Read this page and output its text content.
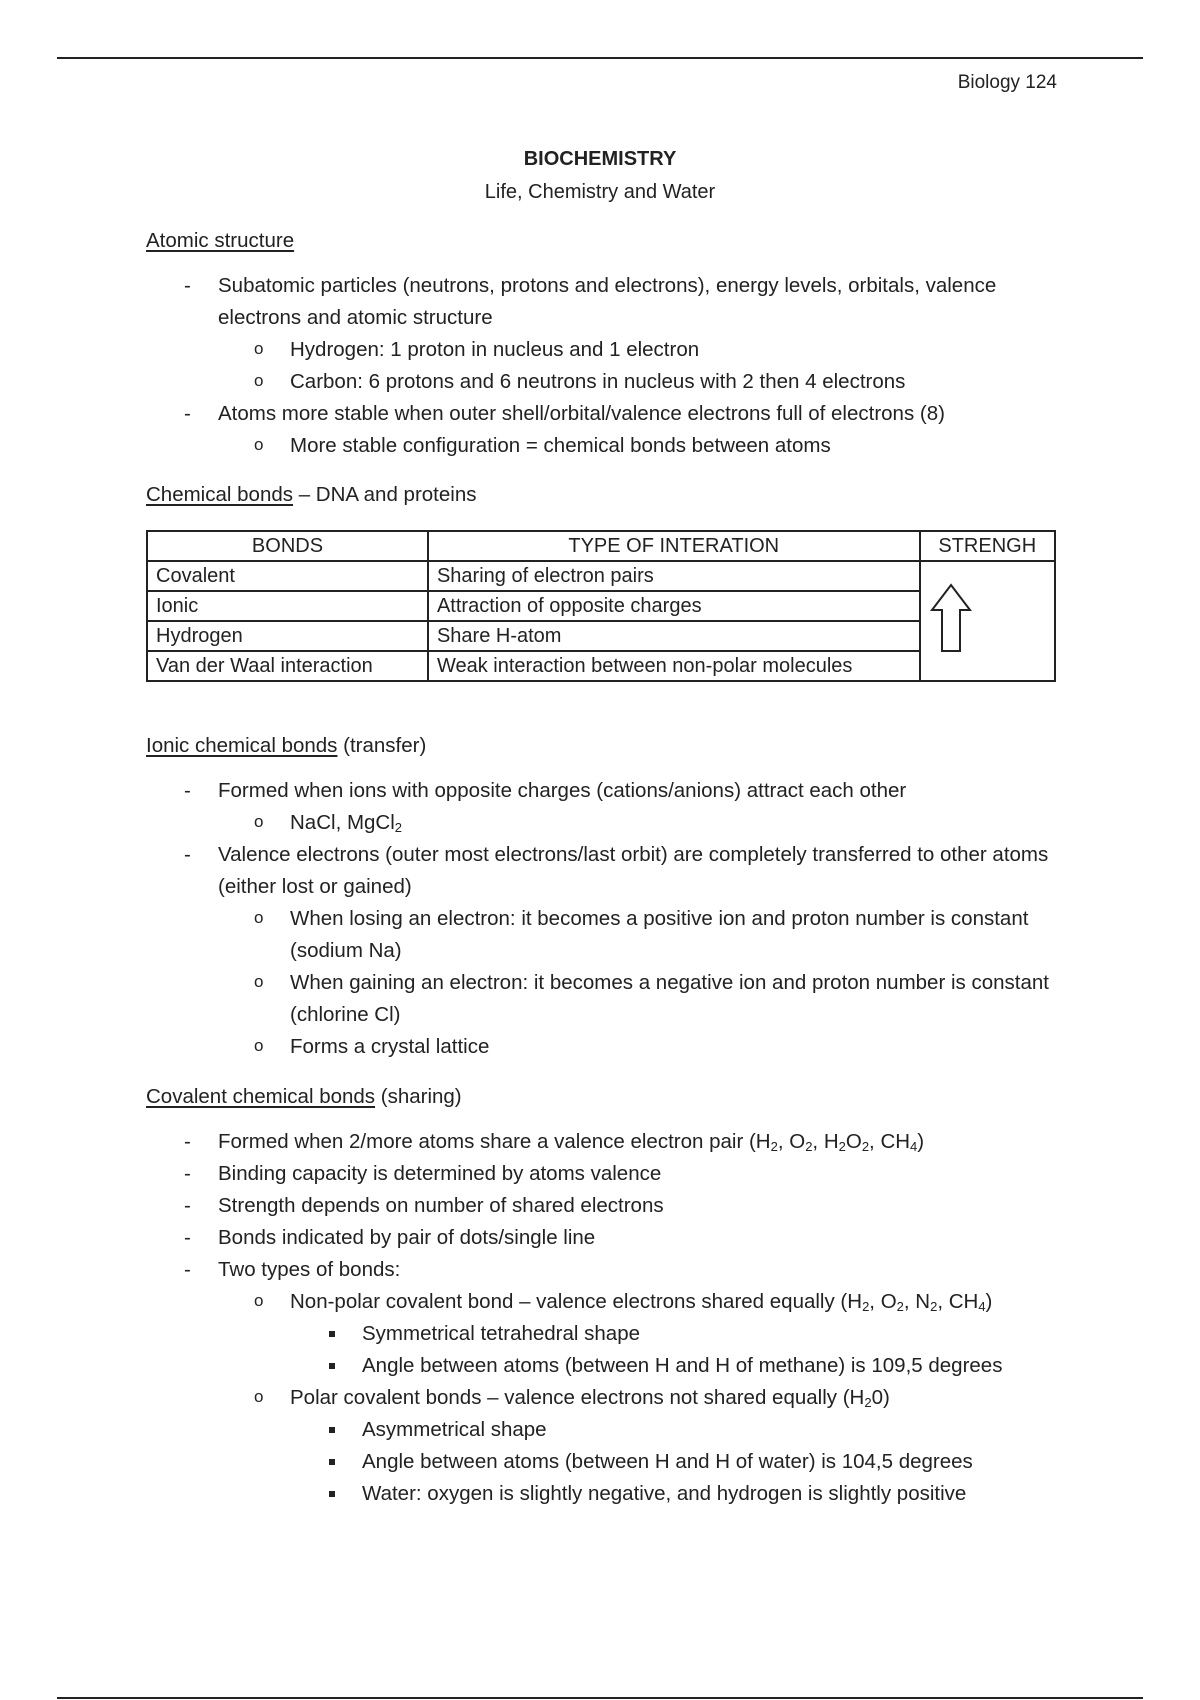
Biology 124
BIOCHEMISTRY
Life, Chemistry and Water

Atomic structure

- Subatomic particles (neutrons, protons and electrons), energy levels, orbitals, valence electrons and atomic structure
o Hydrogen: 1 proton in nucleus and 1 electron
o Carbon: 6 protons and 6 neutrons in nucleus with 2 then 4 electrons
- Atoms more stable when outer shell/orbital/valence electrons full of electrons (8)
o More stable configuration = chemical bonds between atoms

Chemical bonds – DNA and proteins

BONDS	TYPE OF INTERATION	STRENGH
Covalent	Sharing of electron pairs	
Ionic	Attraction of opposite charges	
Hydrogen	Share H-atom	
Van der Waal interaction	Weak interaction between non-polar molecules	

Ionic chemical bonds (transfer)

- Formed when ions with opposite charges (cations/anions) attract each other
o NaCl, MgCl$_2$
- Valence electrons (outer most electrons/last orbit) are completely transferred to other atoms (either lost or gained)
o When losing an electron: it becomes a positive ion and proton number is constant (sodium Na)
o When gaining an electron: it becomes a negative ion and proton number is constant (chlorine Cl)
o Forms a crystal lattice

Covalent chemical bonds (sharing)

- Formed when 2/more atoms share a valence electron pair ($H_2$, $O_2$, $H_2O_2$, $CH_4$)
- Binding capacity is determined by atoms valence
- Strength depends on number of shared electrons
- Bonds indicated by pair of dots/single line
- Two types of bonds:
o Non-polar covalent bond – valence electrons shared equally ($H_2$, $O_2$, $N_2$, $CH_4$)
Symmetrical tetrahedral shape
Angle between atoms (between H and H of methane) is 109,5 degrees
o Polar covalent bonds – valence electrons not shared equally $(H_20)$
Asymmetrical shape
Angle between atoms (between H and H of water) is 104,5 degrees
Water: oxygen is slightly negative, and hydrogen is slightly positive
